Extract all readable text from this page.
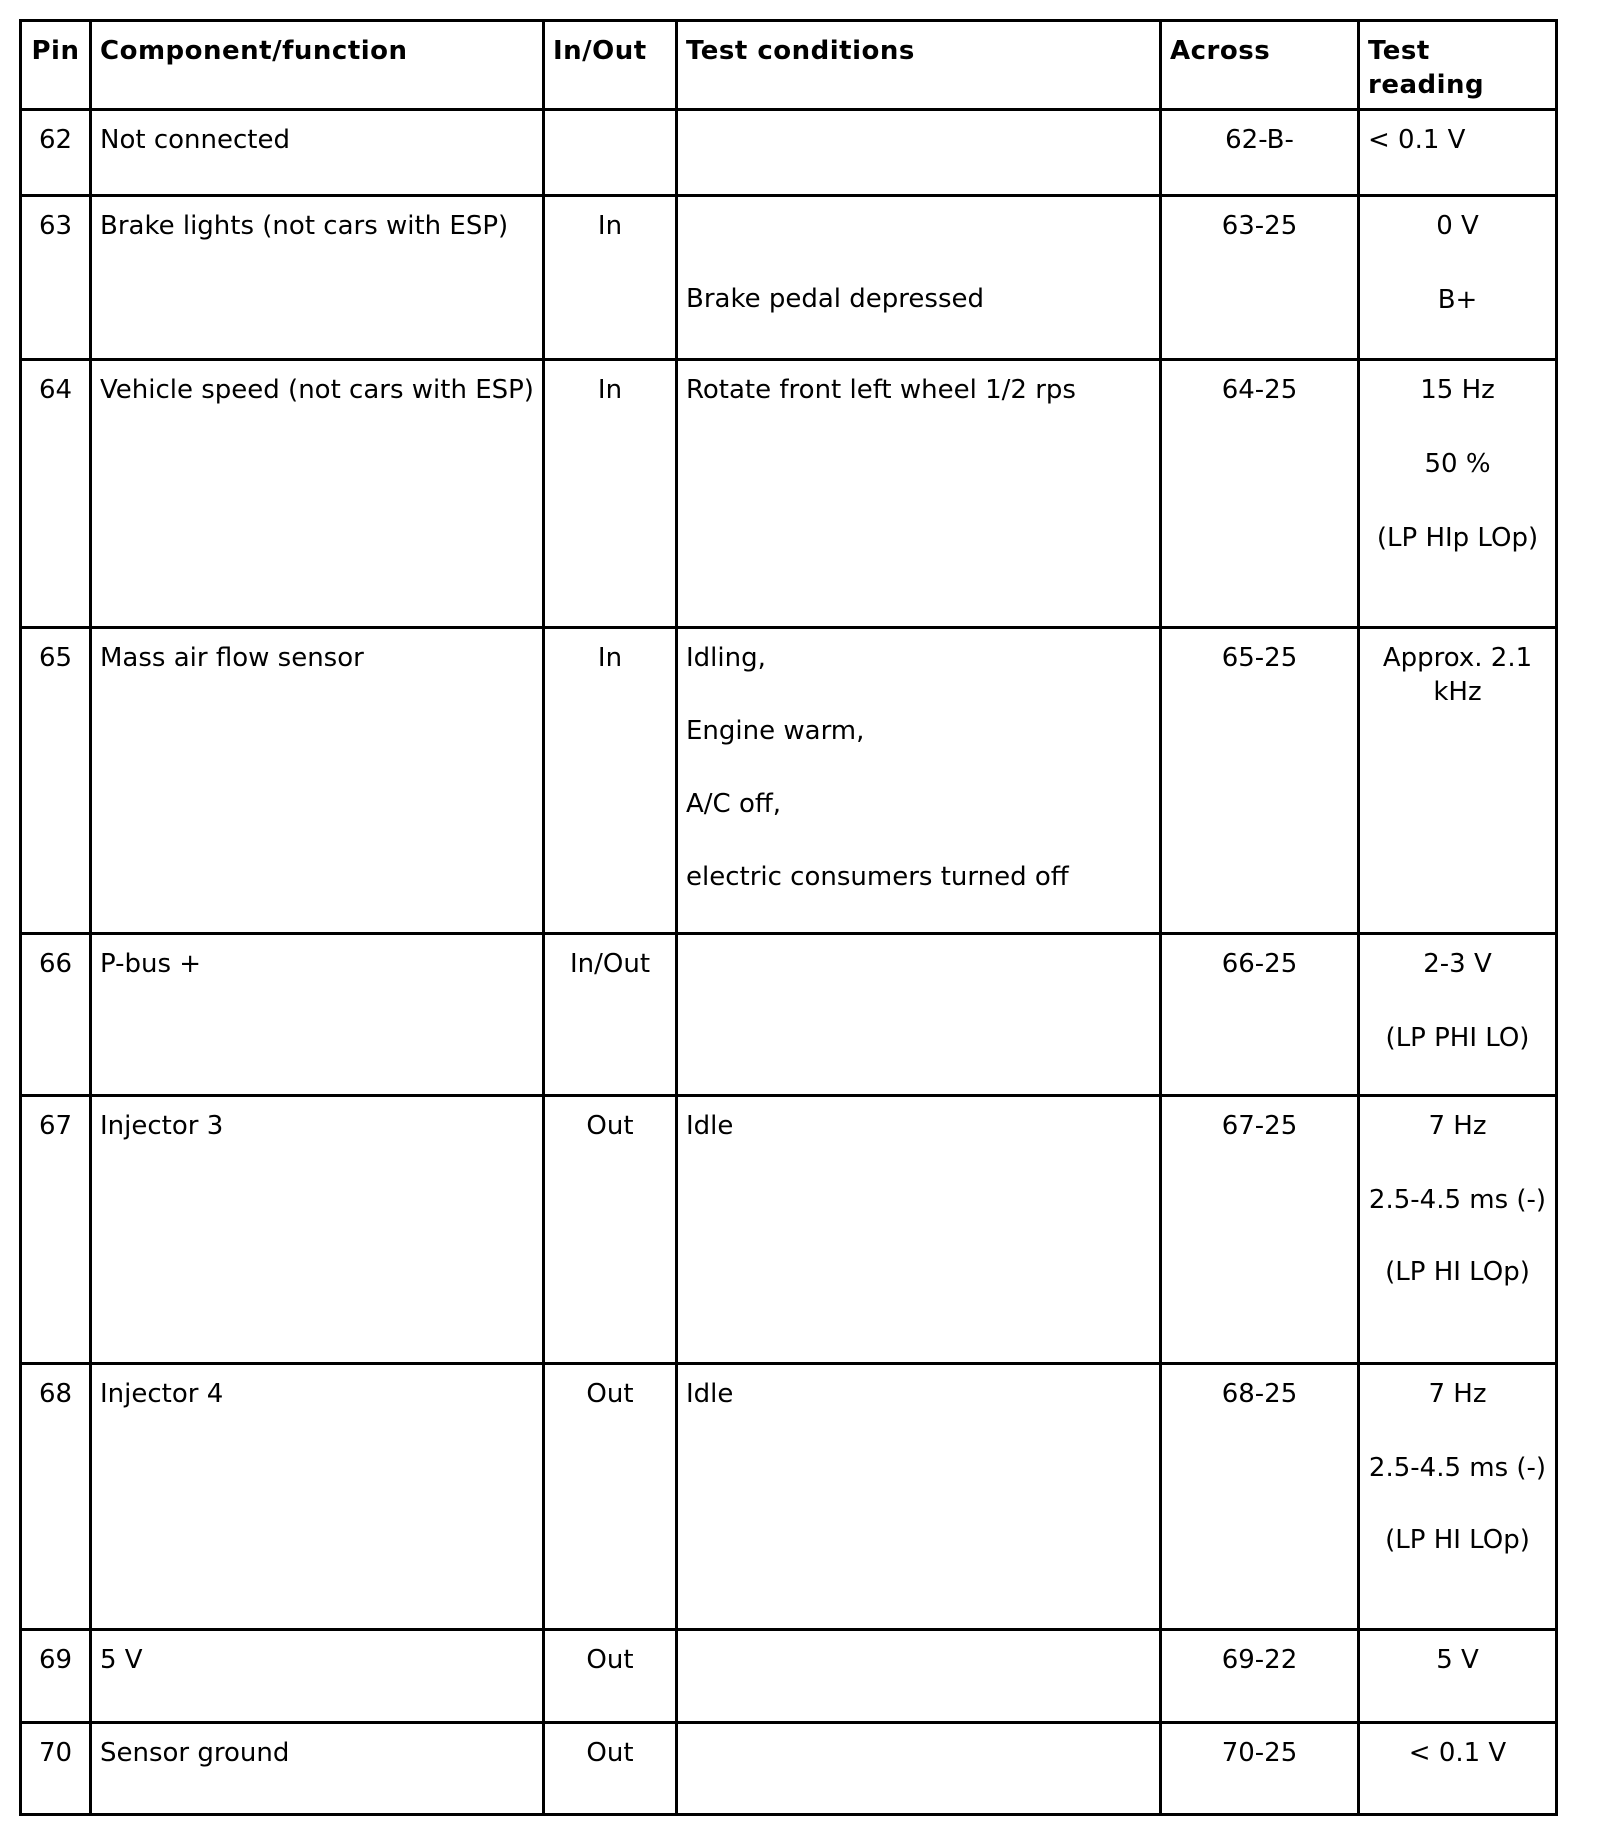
Pin	Component/function	In/Out	Test conditions	Across	Test
reading

62	Not connected			62-B-	< 0.1 V

63	Brake lights (not cars with ESP)	In	Brake pedal depressed	63-25	0 V
B+

64	Vehicle speed (not cars with ESP)	In	Rotate front left wheel 1/2 rps	64-25	15 Hz
50 %
(LP HIp LOp)

65	Mass air flow sensor	In	Idling,
Engine warm,
A/C off,
electric consumers turned off	65-25	Approx. 2.1 kHz

66	P-bus +	In/Out		66-25	2-3 V
(LP PHI LO)

67	Injector 3	Out	Idle	67-25	7 Hz
2.5-4.5 ms (-)
(LP HI LOp)

68	Injector 4	Out	Idle	68-25	7 Hz
2.5-4.5 ms (-)
(LP HI LOp)

69	5 V	Out		69-22	5 V

70	Sensor ground	Out		70-25	< 0.1 V
